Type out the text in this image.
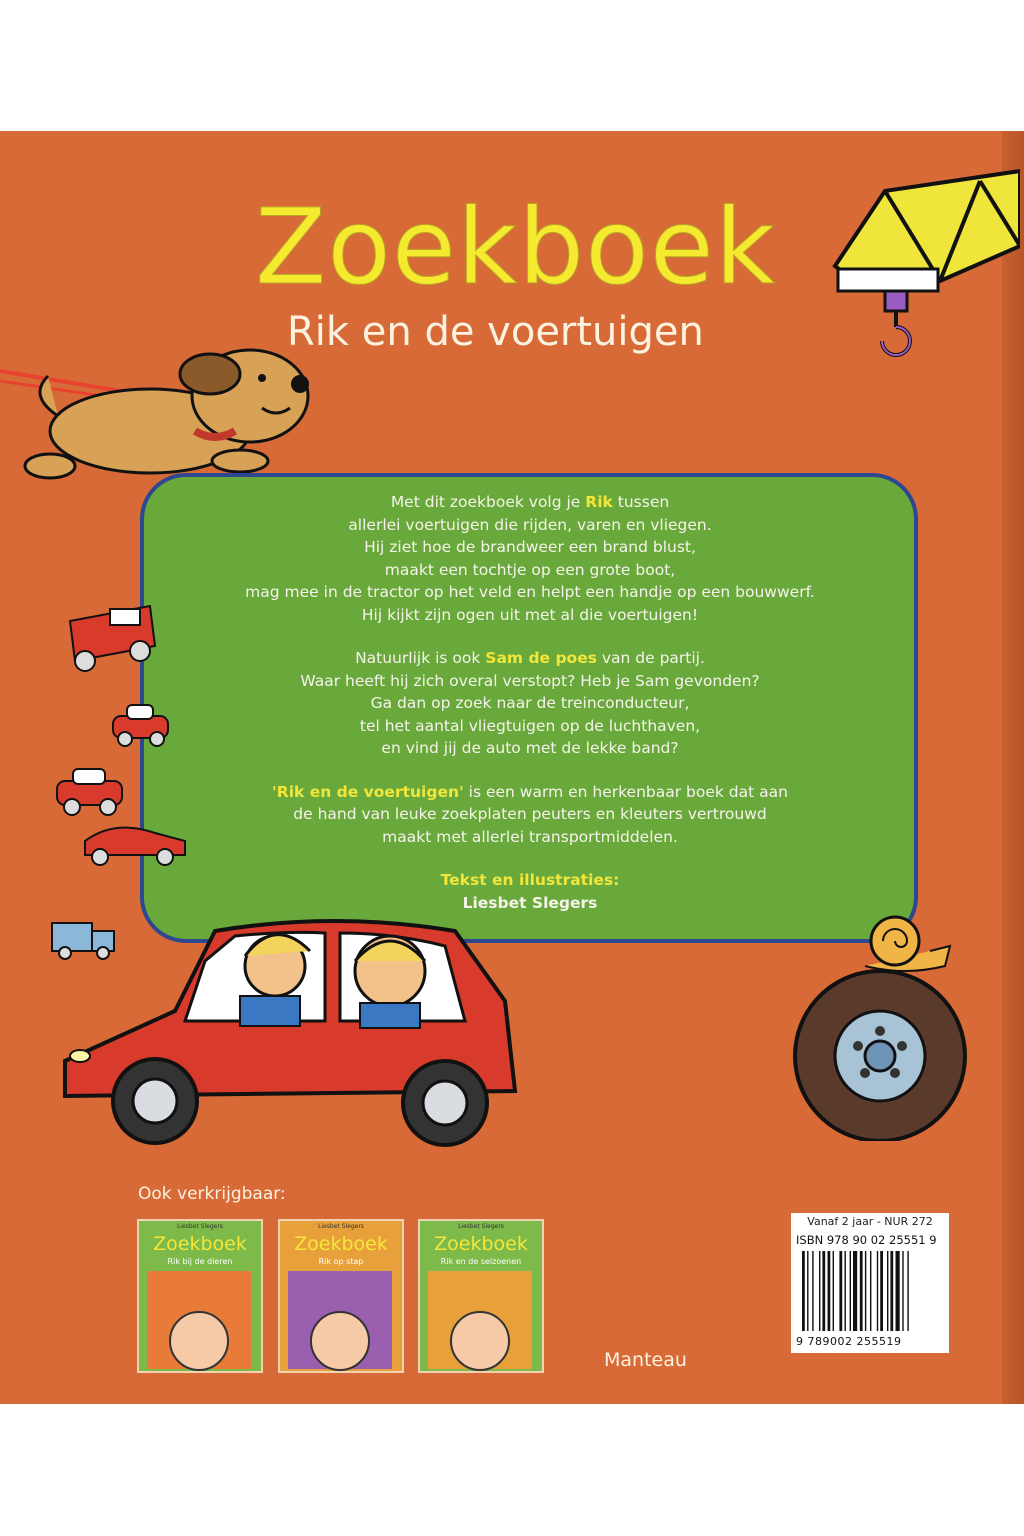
Zoekboek
Rik en de voertuigen

Met dit zoekboek volg je Rik tussen
allerlei voertuigen die rijden, varen en vliegen.
Hij ziet hoe de brandweer een brand blust,
maakt een tochtje op een grote boot,
mag mee in de tractor op het veld en helpt een handje op een bouwwerf.
Hij kijkt zijn ogen uit met al die voertuigen!

Natuurlijk is ook Sam de poes van de partij.
Waar heeft hij zich overal verstopt? Heb je Sam gevonden?
Ga dan op zoek naar de treinconducteur,
tel het aantal vliegtuigen op de luchthaven,
en vind jij de auto met de lekke band?

'Rik en de voertuigen' is een warm en herkenbaar boek dat aan
de hand van leuke zoekplaten peuters en kleuters vertrouwd
maakt met allerlei transportmiddelen.

Tekst en illustraties:
Liesbet Slegers
Ook verkrijgbaar:
Liesbet Slegers
Zoekboek
Rik bij de dieren
Liesbet Slegers
Zoekboek
Rik op stap
Liesbet Slegers
Zoekboek
Rik en de seizoenen
Manteau
Vanaf 2 jaar - NUR 272
ISBN 978 90 02 25551 9
9 789002 255519
